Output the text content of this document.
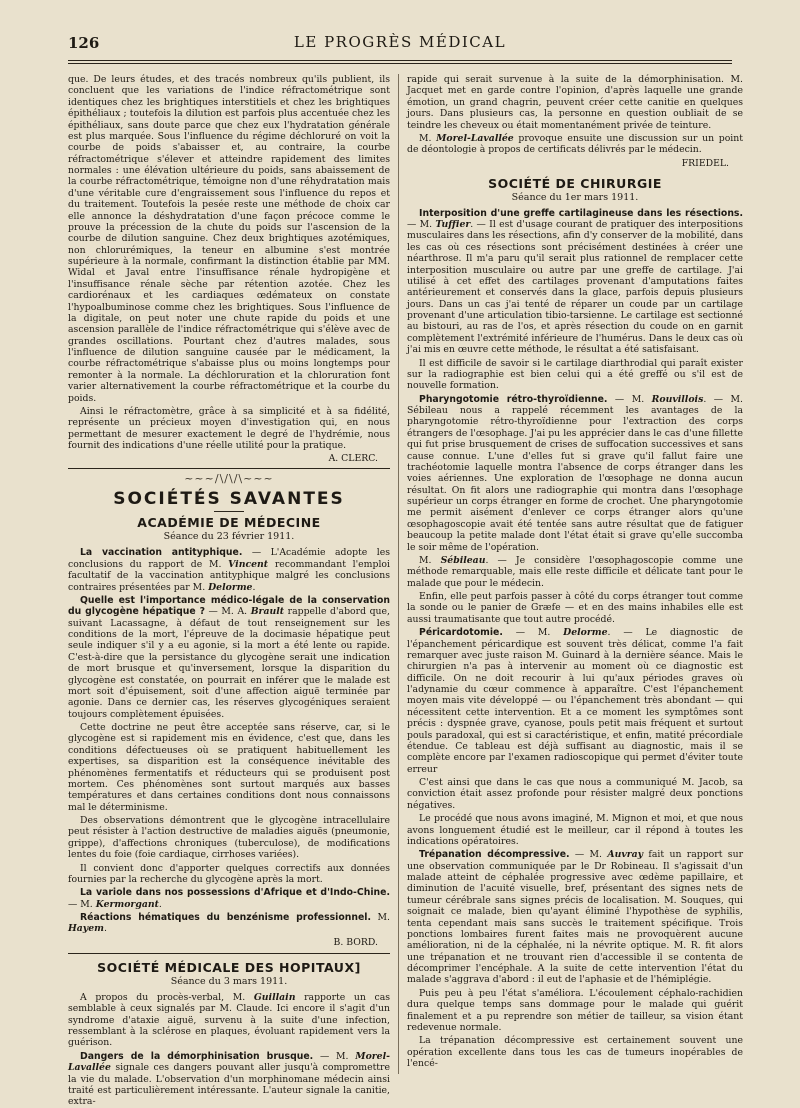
126	LE PROGRÈS MÉDICAL

que. De leurs études, et des tracés nombreux qu'ils publient, ils concluent que les variations de l'indice réfractométrique sont identiques chez les brightiques interstitiels et chez les brightiques épithéliaux ; toutefois la dilution est parfois plus accentuée chez les épithéliaux, sans doute parce que chez eux l'hydratation générale est plus marquée. Sous l'influence du régime déchloruré on voit la courbe de poids s'abaisser et, au contraire, la courbe réfractométrique s'élever et atteindre rapidement des limites normales : une élévation ultérieure du poids, sans abaissement de la courbe réfractométrique, témoigne non d'une réhydratation mais d'une véritable cure d'engraissement sous l'influence du repos et du traitement. Toutefois la pesée reste une méthode de choix car elle annonce la déshydratation d'une façon précoce comme le prouve la précession de la chute du poids sur l'ascension de la courbe de dilution sanguine. Chez deux brightiques azotémiques, non chlorurémiques, la teneur en albumine s'est montrée supérieure à la normale, confirmant la distinction établie par MM. Widal et Javal entre l'insuffisance rénale hydropigène et l'insuffisance rénale sèche par rétention azotée. Chez les cardiorénaux et les cardiaques œdémateux on constate l'hypoalbuminose comme chez les brightiques. Sous l'influence de la digitale, on peut noter une chute rapide du poids et une ascension parallèle de l'indice réfractométrique qui s'élève avec de grandes oscillations. Pourtant chez d'autres malades, sous l'influence de dilution sanguine causée par le médicament, la courbe réfractométrique s'abaisse plus ou moins longtemps pour remonter à la normale. La déchloruration et la chloruration font varier alternativement la courbe réfractométrique et la courbe du poids.

Ainsi le réfractomètre, grâce à sa simplicité et à sa fidélité, représente un précieux moyen d'investigation qui, en nous permettant de mesurer exactement le degré de l'hydrémie, nous fournit des indications d'une réelle utilité pour la pratique.

A. CLERC.
~~~/\/\/\~~~
SOCIÉTÉS SAVANTES
ACADÉMIE DE MÉDECINE
Séance du 23 février 1911.

La vaccination antityphique. — L'Académie adopte les conclusions du rapport de M. Vincent recommandant l'emploi facultatif de la vaccination antityphique malgré les conclusions contraires présentées par M. Delorme.

Quelle est l'importance médico-légale de la conservation du glycogène hépatique ? — M. A. Brault rappelle d'abord que, suivant Lacassagne, à défaut de tout renseignement sur les conditions de la mort, l'épreuve de la docimasie hépatique peut seule indiquer s'il y a eu agonie, si la mort a été lente ou rapide. C'est-à-dire que la persistance du glycogène serait une indication de mort brusque et qu'inversement, lorsque la disparition du glycogène est constatée, on pourrait en inférer que le malade est mort soit d'épuisement, soit d'une affection aiguë terminée par agonie. Dans ce dernier cas, les réserves glycogéniques seraient toujours complètement épuisées.

Cette doctrine ne peut être acceptée sans réserve, car, si le glycogène est si rapidement mis en évidence, c'est que, dans les conditions défectueuses où se pratiquent habituellement les expertises, sa disparition est la conséquence inévitable des phénomènes fermentatifs et réducteurs qui se produisent post mortem. Ces phénomènes sont surtout marqués aux basses températures et dans certaines conditions dont nous connaissons mal le déterminisme.

Des observations démontrent que le glycogène intracellulaire peut résister à l'action destructive de maladies aiguës (pneumonie, grippe), d'affections chroniques (tuberculose), de modifications lentes du foie (foie cardiaque, cirrhoses variées).

Il convient donc d'apporter quelques correctifs aux données fournies par la recherche du glycogène après la mort.

La variole dans nos possessions d'Afrique et d'Indo-Chine. — M. Kermorgant.

Réactions hématiques du benzénisme professionnel. M. Hayem.

B. BORD.
SOCIÉTÉ MÉDICALE DES HOPITAUX]
Séance du 3 mars 1911.

A propos du procès-verbal, M. Guillain rapporte un cas semblable à ceux signalés par M. Claude. Ici encore il s'agit d'un syndrome d'ataxie aiguë, survenu à la suite d'une infection, ressemblant à la sclérose en plaques, évoluant rapidement vers la guérison.

Dangers de la démorphinisation brusque. — M. Morel-Lavallée signale ces dangers pouvant aller jusqu'à compromettre la vie du malade. L'observation d'un morphinomane médecin ainsi traité est particulièrement intéressante. L'auteur signale la canitie, extra-

rapide qui serait survenue à la suite de la démorphinisation. M. Jacquet met en garde contre l'opinion, d'après laquelle une grande émotion, un grand chagrin, peuvent créer cette canitie en quelques jours. Dans plusieurs cas, la personne en question oubliait de se teindre les cheveux ou était momentanément privée de teinture.

M. Morel-Lavallée provoque ensuite une discussion sur un point de déontologie à propos de certificats délivrés par le médecin.

FRIEDEL.
SOCIÉTÉ DE CHIRURGIE
Séance du 1er mars 1911.

Interposition d'une greffe cartilagineuse dans les résections. — M. Tuffier. — Il est d'usage courant de pratiquer des interpositions musculaires dans les résections, afin d'y conserver de la mobilité, dans les cas où ces résections sont précisément destinées à créer une néarthrose. Il m'a paru qu'il serait plus rationnel de remplacer cette interposition musculaire ou autre par une greffe de cartilage. J'ai utilisé à cet effet des cartilages provenant d'amputations faites antérieurement et conservés dans la glace, parfois depuis plusieurs jours. Dans un cas j'ai tenté de réparer un coude par un cartilage provenant d'une articulation tibio-tarsienne. Le cartilage est sectionné au bistouri, au ras de l'os, et après résection du coude on en garnit complètement l'extrémité inférieure de l'humérus. Dans le deux cas où j'ai mis en œuvre cette méthode, le résultat a été satisfaisant.

Il est difficile de savoir si le cartilage diarthrodial qui paraît exister sur la radiographie est bien celui qui a été greffé ou s'il est de nouvelle formation.

Pharyngotomie rétro-thyroïdienne. — M. Rouvillois. — M. Sébileau nous a rappelé récemment les avantages de la pharyngotomie rétro-thyroïdienne pour l'extraction des corps étrangers de l'œsophage. J'ai pu les apprécier dans le cas d'une fillette qui fut prise brusquement de crises de suffocation successives et sans cause connue. L'une d'elles fut si grave qu'il fallut faire une trachéotomie laquelle montra l'absence de corps étranger dans les voies aériennes. Une exploration de l'œsophage ne donna aucun résultat. On fit alors une radiographie qui montra dans l'œsophage supérieur un corps étranger en forme de crochet. Une pharyngotomie me permit aisément d'enlever ce corps étranger alors qu'une œsophagoscopie avait été tentée sans autre résultat que de fatiguer beaucoup la petite malade dont l'état était si grave qu'elle succomba le soir même de l'opération.

M. Sébileau. — Je considère l'œsophagoscopie comme une méthode remarquable, mais elle reste difficile et délicate tant pour le malade que pour le médecin.

Enfin, elle peut parfois passer à côté du corps étranger tout comme la sonde ou le panier de Græfe — et en des mains inhabiles elle est aussi traumatisante que tout autre procédé.

Péricardotomie. — M. Delorme. — Le diagnostic de l'épanchement péricardique est souvent très délicat, comme l'a fait remarquer avec juste raison M. Guinard à la dernière séance. Mais le chirurgien n'a pas à intervenir au moment où ce diagnostic est difficile. On ne doit recourir à lui qu'aux périodes graves où l'adynamie du cœur commence à apparaître. C'est l'épanchement moyen mais vite développé — ou l'épanchement très abondant — qui nécessitent cette intervention. Et a ce moment les symptômes sont précis : dyspnée grave, cyanose, pouls petit mais fréquent et surtout pouls paradoxal, qui est si caractéristique, et enfin, matité précordiale étendue. Ce tableau est déjà suffisant au diagnostic, mais il se complète encore par l'examen radioscopique qui permet d'éviter toute erreur

C'est ainsi que dans le cas que nous a communiqué M. Jacob, sa conviction était assez profonde pour résister malgré deux ponctions négatives.

Le procédé que nous avons imaginé, M. Mignon et moi, et que nous avons longuement étudié est le meilleur, car il répond à toutes les indications opératoires.

Trépanation décompressive. — M. Auvray fait un rapport sur une observation communiquée par le Dr Robineau. Il s'agissait d'un malade atteint de céphalée progressive avec œdème papillaire, et diminution de l'acuité visuelle, bref, présentant des signes nets de tumeur cérébrale sans signes précis de localisation. M. Souques, qui soignait ce malade, bien qu'ayant éliminé l'hypothèse de syphilis, tenta cependant mais sans succès le traitement spécifique. Trois ponctions lombaires furent faites mais ne provoquèrent aucune amélioration, ni de la céphalée, ni la névrite optique. M. R. fit alors une trépanation et ne trouvant rien d'accessible il se contenta de décomprimer l'encéphale. A la suite de cette intervention l'état du malade s'aggrava d'abord : il eut de l'aphasie et de l'hémiplégie.

Puis peu à peu l'état s'améliora. L'écoulement céphalo-rachidien dura quelque temps sans dommage pour le malade qui guérit finalement et a pu reprendre son métier de tailleur, sa vision étant redevenue normale.

La trépanation décompressive est certainement souvent une opération excellente dans tous les cas de tumeurs inopérables de l'encé-
